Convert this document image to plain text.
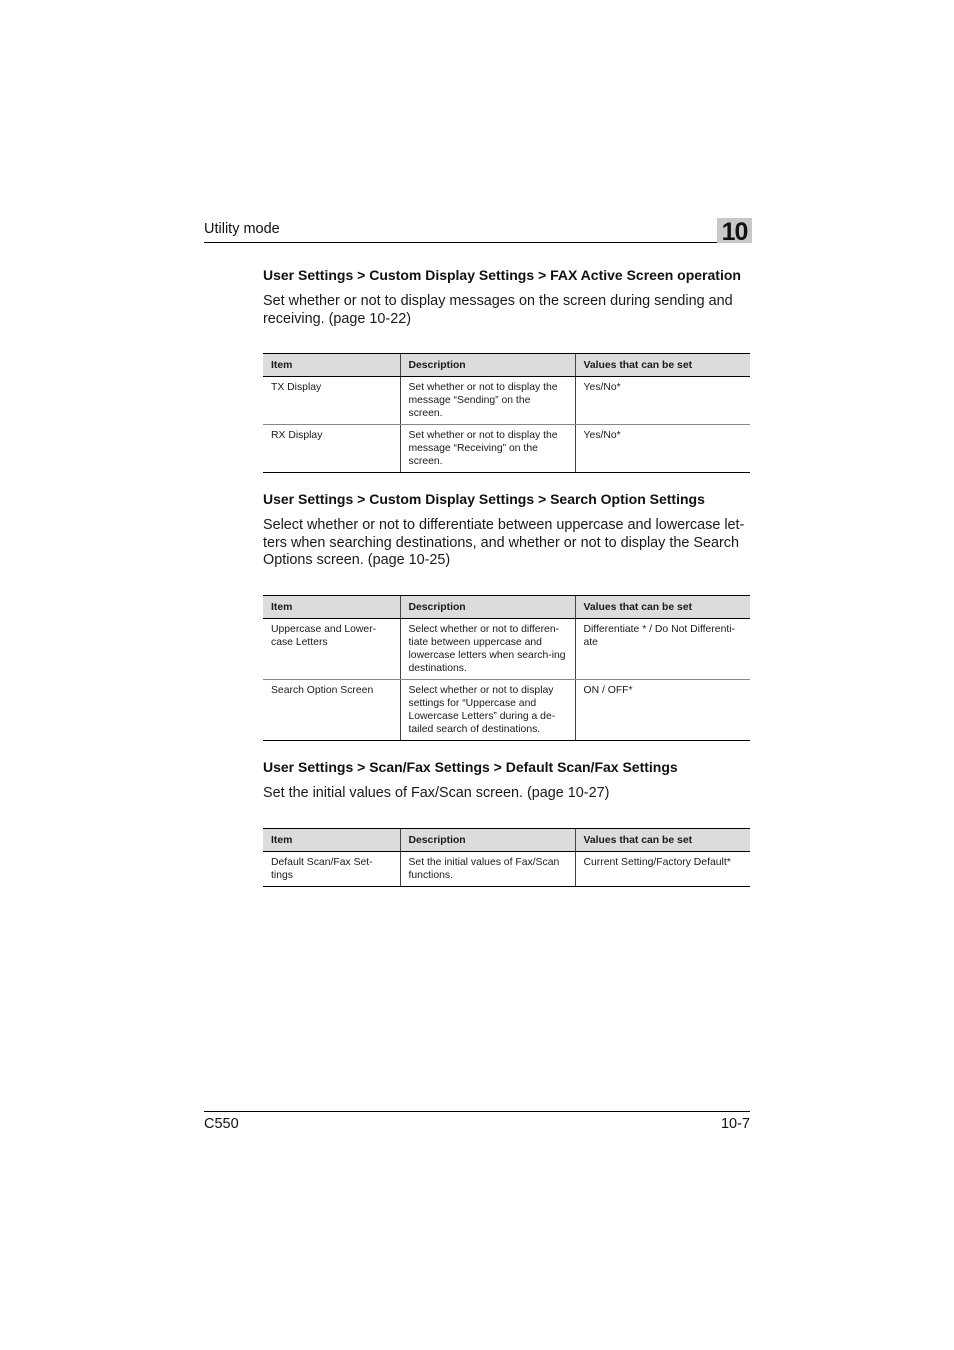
Utility mode	10
User Settings > Custom Display Settings > FAX Active Screen operation

Set whether or not to display messages on the screen during sending and receiving. (page 10-22)

Item	Description	Values that can be set
TX Display	Set whether or not to display the message “Sending” on the screen.	Yes/No*
RX Display	Set whether or not to display the message “Receiving” on the screen.	Yes/No*
User Settings > Custom Display Settings > Search Option Settings

Select whether or not to differentiate between uppercase and lowercase let-ters when searching destinations, and whether or not to display the Search Options screen. (page 10-25)

Item	Description	Values that can be set
Uppercase and Lower-case Letters	Select whether or not to differen-tiate between uppercase and lowercase letters when search-ing destinations.	Differentiate * / Do Not Differenti-ate
Search Option Screen	Select whether or not to display settings for “Uppercase and Lowercase Letters” during a de-tailed search of destinations.	ON / OFF*
User Settings > Scan/Fax Settings > Default Scan/Fax Settings

Set the initial values of Fax/Scan screen. (page 10-27)

Item	Description	Values that can be set
Default Scan/Fax Set-tings	Set the initial values of Fax/Scan functions.	Current Setting/Factory Default*
C550	10-7
